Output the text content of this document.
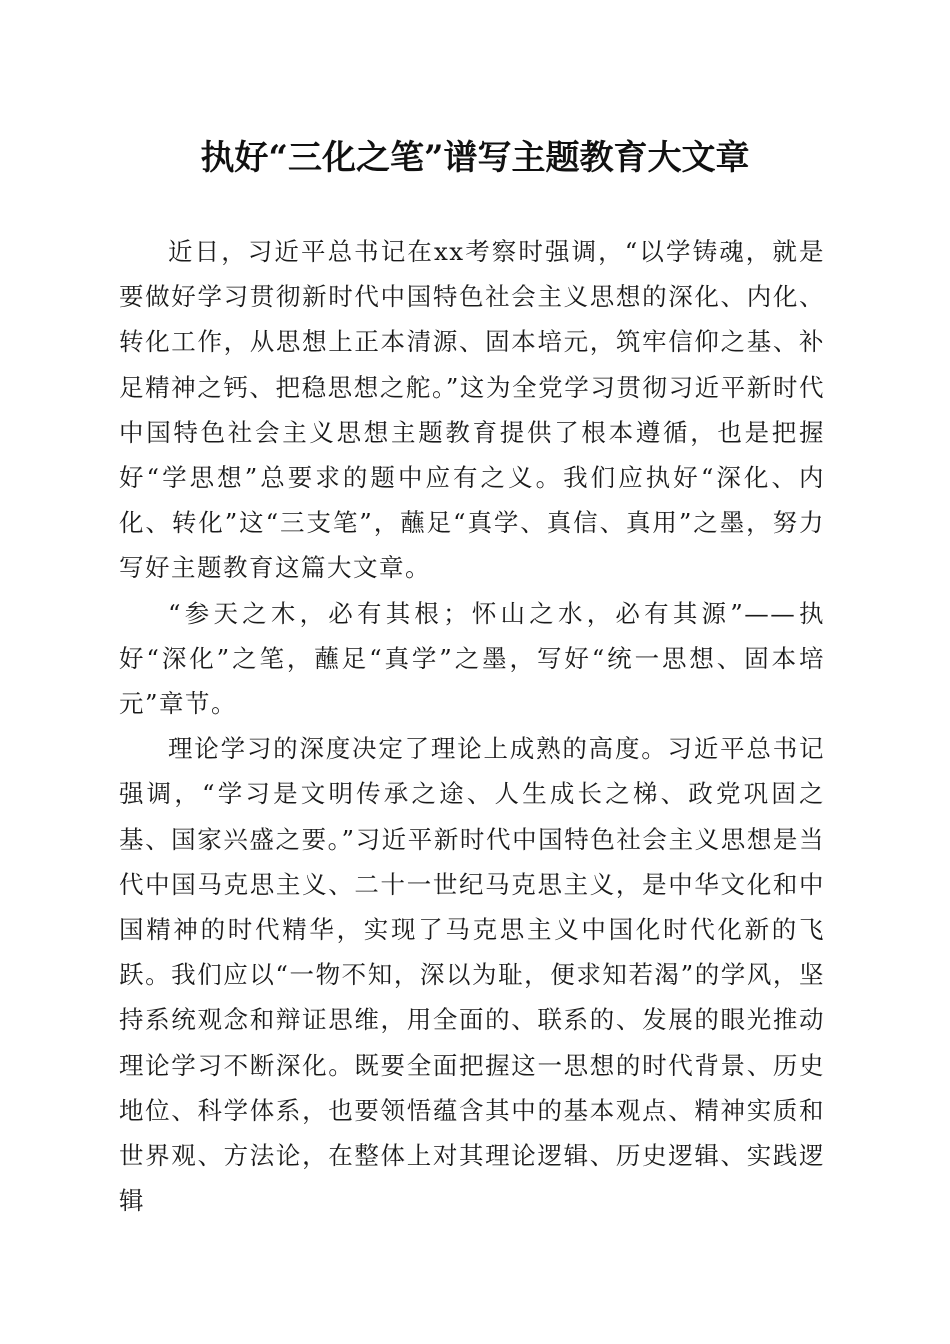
执好“三化之笔”谱写主题教育大文章

近日，习近平总书记在xx考察时强调，“以学铸魂，就是要做好学习贯彻新时代中国特色社会主义思想的深化、内化、转化工作，从思想上正本清源、固本培元，筑牢信仰之基、补足精神之钙、把稳思想之舵。”这为全党学习贯彻习近平新时代中国特色社会主义思想主题教育提供了根本遵循，也是把握好“学思想”总要求的题中应有之义。我们应执好“深化、内化、转化”这“三支笔”，蘸足“真学、真信、真用”之墨，努力写好主题教育这篇大文章。

“参天之木，必有其根；怀山之水，必有其源”——执好“深化”之笔，蘸足“真学”之墨，写好“统一思想、固本培元”章节。

理论学习的深度决定了理论上成熟的高度。习近平总书记强调，“学习是文明传承之途、人生成长之梯、政党巩固之基、国家兴盛之要。”习近平新时代中国特色社会主义思想是当代中国马克思主义、二十一世纪马克思主义，是中华文化和中国精神的时代精华，实现了马克思主义中国化时代化新的飞跃。我们应以“一物不知，深以为耻，便求知若渴”的学风，坚持系统观念和辩证思维，用全面的、联系的、发展的眼光推动理论学习不断深化。既要全面把握这一思想的时代背景、历史地位、科学体系，也要领悟蕴含其中的基本观点、精神实质和世界观、方法论，在整体上对其理论逻辑、历史逻辑、实践逻辑
